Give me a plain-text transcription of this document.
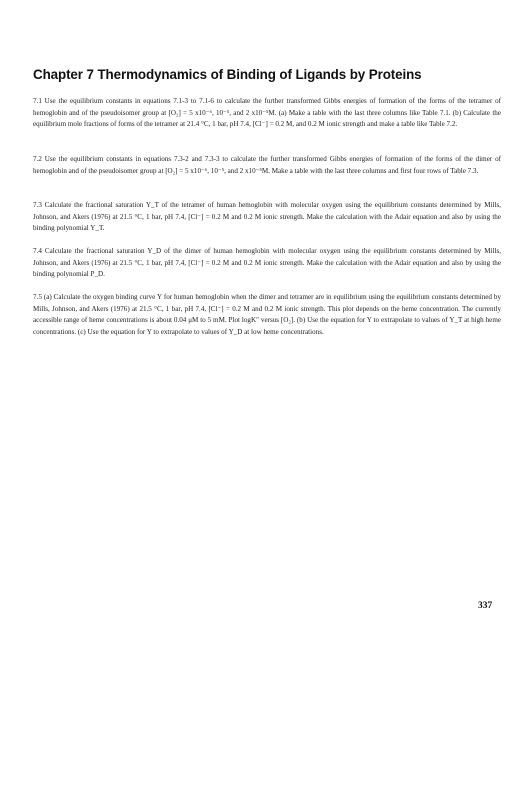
Chapter 7 Thermodynamics of Binding of Ligands by Proteins
7.1 Use the equilibrium constants in equations 7.1-3 to 7.1-6 to calculate the further transformed Gibbs energies of formation of the forms of the tetramer of hemoglobin and of the pseudoisomer group at [O₂] = 5 x10⁻⁶, 10⁻⁵, and 2 x10⁻⁵M. (a) Make a table with the last three columns like Table 7.1. (b) Calculate the equilibrium mole fractions of forms of the tetramer at 21.4 °C, 1 bar, pH 7.4, [Cl⁻] = 0.2 M, and 0.2 M ionic strength and make a table like Table 7.2.
7.2 Use the equilibrium constants in equations 7.3-2 and 7.3-3 to calculate the further transformed Gibbs energies of formation of the forms of the dimer of hemoglobin and of the pseudoisomer group at [O₂] = 5 x10⁻⁶, 10⁻⁵, and 2 x10⁻⁵M. Make a table with the last three columns and first four rows of Table 7.3.
7.3 Calculate the fractional saturation Y_T of the tetramer of human hemoglobin with molecular oxygen using the equilibrium constants determined by Mills, Johnson, and Akers (1976) at 21.5 °C, 1 bar, pH 7.4, [Cl⁻] = 0.2 M and 0.2 M ionic strength. Make the calculation with the Adair equation and also by using the binding polynomial Y_T.
7.4 Calculate the fractional saturation Y_D of the dimer of human hemoglobin with molecular oxygen using the equilibrium constants determined by Mills, Johnson, and Akers (1976) at 21.5 °C, 1 bar, pH 7.4, [Cl⁻] = 0.2 M and 0.2 M ionic strength. Make the calculation with the Adair equation and also by using the binding polynomial P_D.
7.5 (a) Calculate the oxygen binding curve Y for human hemoglobin when the dimer and tetramer are in equilibrium using the equilibrium constants determined by Mills, Johnson, and Akers (1976) at 21.5 °C, 1 bar, pH 7.4, [Cl⁻] = 0.2 M and 0.2 M ionic strength. This plot depends on the heme concentration. The currently accessible range of heme concentrations is about 0.04 μM to 5 mM. Plot logK″ versus [O₂]. (b) Use the equation for Y to extrapolate to values of Y_T at high heme concentrations. (c) Use the equation for Y to extrapolate to values of Y_D at low heme concentrations.
337
